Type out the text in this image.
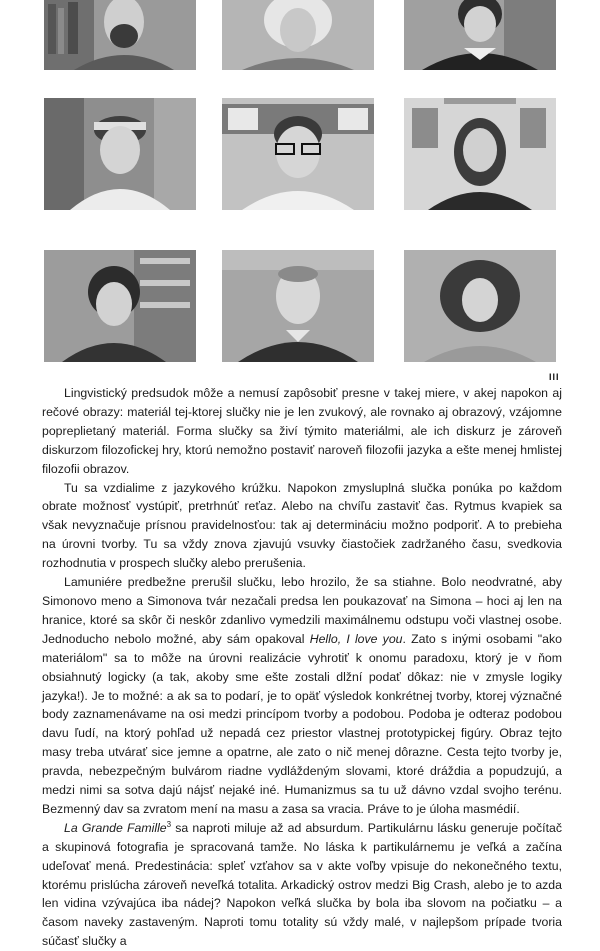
III

Lingvistický predsudok môže a nemusí zapôsobiť presne v takej miere, v akej napokon aj rečové obrazy: materiál tej-ktorej slučky nie je len zvukový, ale rovnako aj obrazový, vzájomne popreplietaný materiál. Forma slučky sa živí týmito materiálmi, ale ich diskurz je zároveň diskurzom filozofickej hry, ktorú nemožno postaviť naroveň filozofii jazyka a ešte menej hmlistej filozofii obrazov.

Tu sa vzdialime z jazykového krúžku. Napokon zmysluplná slučka ponúka po každom obrate možnosť vystúpiť, pretrhnúť reťaz. Alebo na chvíľu zastaviť čas. Rytmus kvapiek sa však nevyznačuje prísnou pravidelnosťou: tak aj determináciu možno podporiť. A to prebieha na úrovni tvorby. Tu sa vždy znova zjavujú vsuvky čiastočiek zadržaného času, svedkovia rozhodnutia v prospech slučky alebo prerušenia.

Lamuniére predbežne prerušil slučku, lebo hrozilo, že sa stiahne. Bolo neodvratné, aby Simonovo meno a Simonova tvár nezačali predsa len poukazovať na Simona – hoci aj len na hranice, ktoré sa skôr či neskôr zdanlivo vymedzili maximálnemu odstupu voči vlastnej osobe. Jednoducho nebolo možné, aby sám opakoval Hello, I love you. Zato s inými osobami "ako materiálom" sa to môže na úrovni realizácie vyhrotiť k onomu paradoxu, ktorý je v ňom obsiahnutý logicky (a tak, akoby sme ešte zostali dlžní podať dôkaz: nie v zmysle logiky jazyka!). Je to možné: a ak sa to podarí, je to opäť výsledok konkrétnej tvorby, ktorej význačné body zaznamenávame na osi medzi princípom tvorby a podobou. Podoba je odteraz podobou davu ľudí, na ktorý pohľad už nepadá cez priestor vlastnej prototypickej figúry. Obraz tejto masy treba utvárať sice jemne a opatrne, ale zato o nič menej dôrazne. Cesta tejto tvorby je, pravda, nebezpečným bulvárom riadne vydláždeným slovami, ktoré dráždia a popudzujú, a medzi nimi sa sotva dajú nájsť nejaké iné. Humanizmus sa tu už dávno vzdal svojho terénu. Bezmenný dav sa zvratom mení na masu a zasa sa vracia. Práve to je úloha masmédií.

La Grande Famille$^3$ sa naproti miluje až ad absurdum. Partikulárnu lásku generuje počítač a skupinová fotografia je spracovaná tamže. No láska k partikulárnemu je veľká a začína udeľovať mená. Predestinácia: spleť vzťahov sa v akte voľby vpisuje do nekonečného textu, ktorému prislúcha zároveň neveľká totalita. Arkadický ostrov medzi Big Crash, alebo je to azda len vidina vzývajúca iba nádej? Napokon veľká slučka by bola iba slovom na počiatku – a časom naveky zastaveným. Naproti tomu totality sú vždy malé, v najlepšom prípade tvoria súčasť slučky a
